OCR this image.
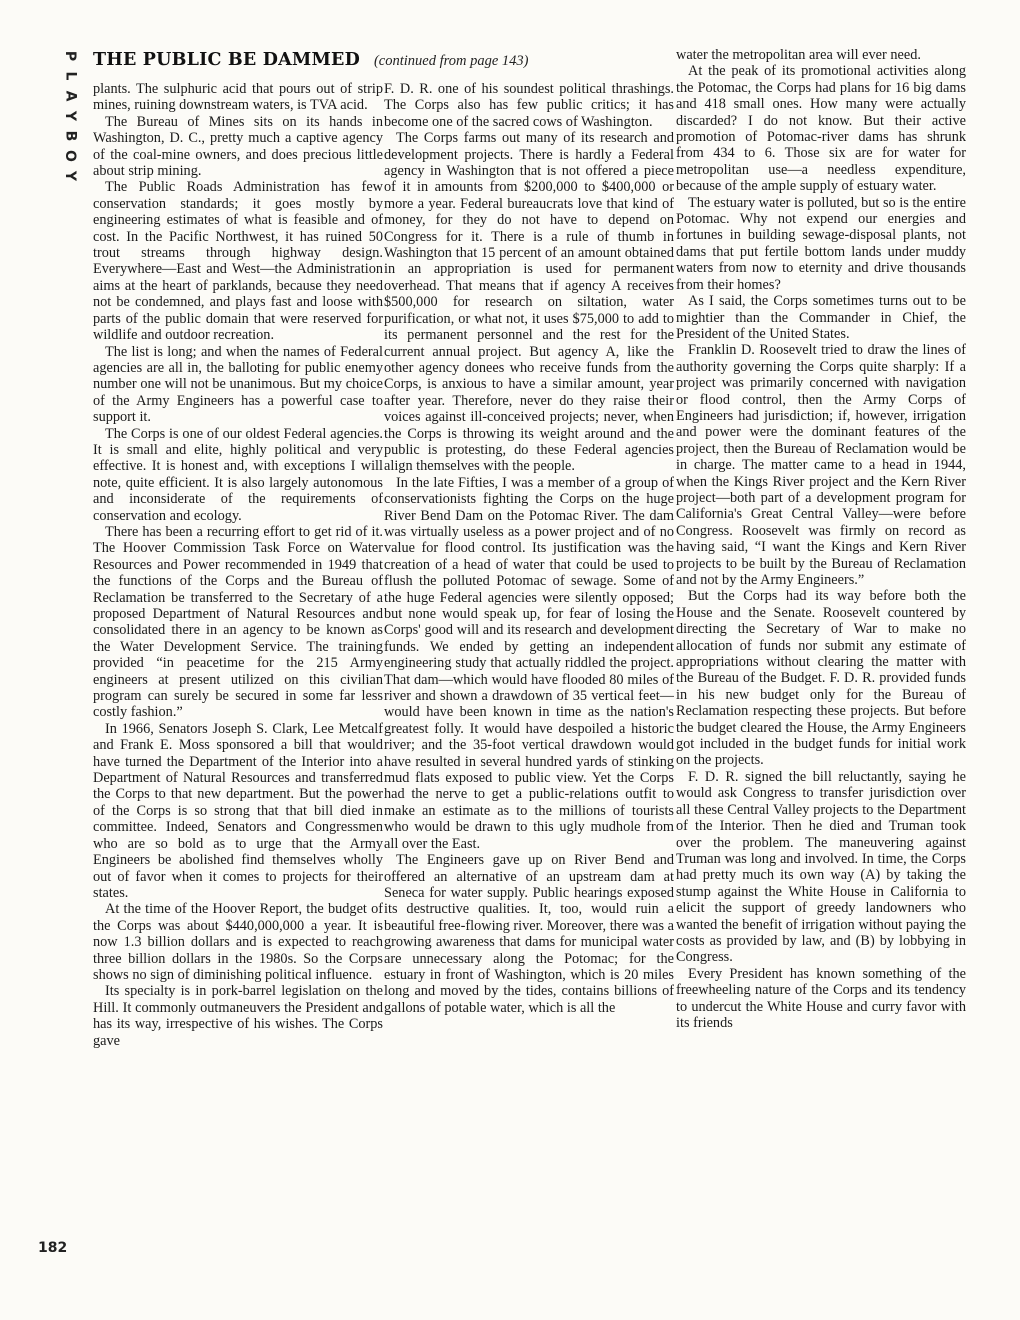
P
L
A
Y
B
O
Y
THE PUBLIC BE DAMMED (continued from page 143)

plants. The sulphuric acid that pours out of strip mines, ruining downstream waters, is TVA acid.

The Bureau of Mines sits on its hands in Washington, D. C., pretty much a captive agency of the coal-mine owners, and does precious little about strip mining.

The Public Roads Administration has few conservation standards; it goes mostly by engineering estimates of what is feasible and of cost. In the Pacific Northwest, it has ruined 50 trout streams through highway design. Everywhere—East and West—the Administration aims at the heart of parklands, because they need not be condemned, and plays fast and loose with parts of the public domain that were reserved for wildlife and outdoor recreation.

The list is long; and when the names of Federal agencies are all in, the balloting for public enemy number one will not be unanimous. But my choice of the Army Engineers has a powerful case to support it.

The Corps is one of our oldest Federal agencies. It is small and elite, highly political and very effective. It is honest and, with exceptions I will note, quite efficient. It is also largely autonomous and inconsiderate of the requirements of conservation and ecology.

There has been a recurring effort to get rid of it. The Hoover Commission Task Force on Water Resources and Power recommended in 1949 that the functions of the Corps and the Bureau of Reclamation be transferred to the Secretary of a proposed Department of Natural Resources and consolidated there in an agency to be known as the Water Development Service. The training provided “in peacetime for the 215 Army engineers at present utilized on this civilian program can surely be secured in some far less costly fashion.”

In 1966, Senators Joseph S. Clark, Lee Metcalf and Frank E. Moss sponsored a bill that would have turned the Department of the Interior into a Department of Natural Resources and transferred the Corps to that new department. But the power of the Corps is so strong that that bill died in committee. Indeed, Senators and Congressmen who are so bold as to urge that the Army Engineers be abolished find themselves wholly out of favor when it comes to projects for their states.

At the time of the Hoover Report, the budget of the Corps was about $440,000,000 a year. It is now 1.3 billion dollars and is expected to reach three billion dollars in the 1980s. So the Corps shows no sign of diminishing political influence.

Its specialty is in pork-barrel legislation on the Hill. It commonly outmaneuvers the President and has its way, irrespective of his wishes. The Corps gave

F. D. R. one of his soundest political thrashings. The Corps also has few public critics; it has become one of the sacred cows of Washington.

The Corps farms out many of its research and development projects. There is hardly a Federal agency in Washington that is not offered a piece of it in amounts from $200,000 to $400,000 or more a year. Federal bureaucrats love that kind of money, for they do not have to depend on Congress for it. There is a rule of thumb in Washington that 15 percent of an amount obtained in an appropriation is used for permanent overhead. That means that if agency A receives $500,000 for research on siltation, water purification, or what not, it uses $75,000 to add to its permanent personnel and the rest for the current annual project. But agency A, like the other agency donees who receive funds from the Corps, is anxious to have a similar amount, year after year. Therefore, never do they raise their voices against ill-conceived projects; never, when the Corps is throwing its weight around and the public is protesting, do these Federal agencies align themselves with the people.

In the late Fifties, I was a member of a group of conservationists fighting the Corps on the huge River Bend Dam on the Potomac River. The dam was virtually useless as a power project and of no value for flood control. Its justification was the creation of a head of water that could be used to flush the polluted Potomac of sewage. Some of the huge Federal agencies were silently opposed; but none would speak up, for fear of losing the Corps' good will and its research and development funds. We ended by getting an independent engineering study that actually riddled the project. That dam—which would have flooded 80 miles of river and shown a drawdown of 35 vertical feet—would have been known in time as the nation's greatest folly. It would have despoiled a historic river; and the 35-foot vertical drawdown would have resulted in several hundred yards of stinking mud flats exposed to public view. Yet the Corps had the nerve to get a public-relations outfit to make an estimate as to the millions of tourists who would be drawn to this ugly mudhole from all over the East.

The Engineers gave up on River Bend and offered an alternative of an upstream dam at Seneca for water supply. Public hearings exposed its destructive qualities. It, too, would ruin a beautiful free-flowing river. Moreover, there was a growing awareness that dams for municipal water are unnecessary along the Potomac; for the estuary in front of Washington, which is 20 miles long and moved by the tides, contains billions of gallons of potable water, which is all the

water the metropolitan area will ever need.

At the peak of its promotional activities along the Potomac, the Corps had plans for 16 big dams and 418 small ones. How many were actually discarded? I do not know. But their active promotion of Potomac-river dams has shrunk from 434 to 6. Those six are for water for metropolitan use—a needless expenditure, because of the ample supply of estuary water.

The estuary water is polluted, but so is the entire Potomac. Why not expend our energies and fortunes in building sewage-disposal plants, not dams that put fertile bottom lands under muddy waters from now to eternity and drive thousands from their homes?

As I said, the Corps sometimes turns out to be mightier than the Commander in Chief, the President of the United States.

Franklin D. Roosevelt tried to draw the lines of authority governing the Corps quite sharply: If a project was primarily concerned with navigation or flood control, then the Army Corps of Engineers had jurisdiction; if, however, irrigation and power were the dominant features of the project, then the Bureau of Reclamation would be in charge. The matter came to a head in 1944, when the Kings River project and the Kern River project—both part of a development program for California's Great Central Valley—were before Congress. Roosevelt was firmly on record as having said, “I want the Kings and Kern River projects to be built by the Bureau of Reclamation and not by the Army Engineers.”

But the Corps had its way before both the House and the Senate. Roosevelt countered by directing the Secretary of War to make no allocation of funds nor submit any estimate of appropriations without clearing the matter with the Bureau of the Budget. F. D. R. provided funds in his new budget only for the Bureau of Reclamation respecting these projects. But before the budget cleared the House, the Army Engineers got included in the budget funds for initial work on the projects.

F. D. R. signed the bill reluctantly, saying he would ask Congress to transfer jurisdiction over all these Central Valley projects to the Department of the Interior. Then he died and Truman took over the problem. The maneuvering against Truman was long and involved. In time, the Corps had pretty much its own way (A) by taking the stump against the White House in California to elicit the support of greedy landowners who wanted the benefit of irrigation without paying the costs as provided by law, and (B) by lobbying in Congress.

Every President has known something of the freewheeling nature of the Corps and its tendency to undercut the White House and curry favor with its friends

182
